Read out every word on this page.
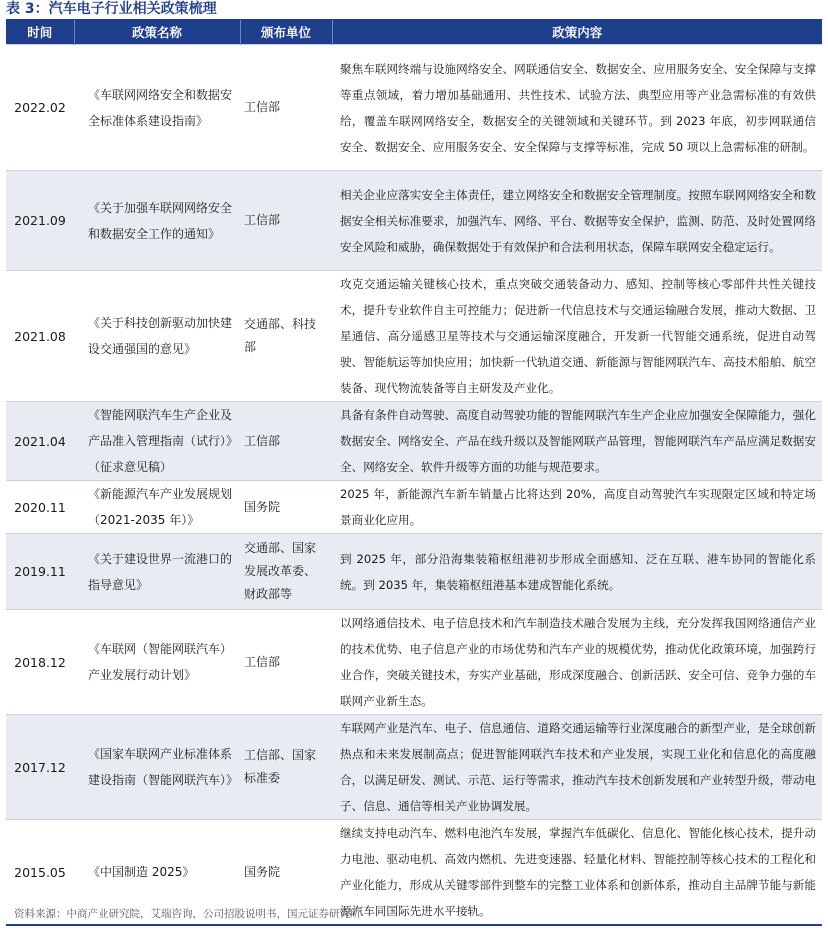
表 3：汽车电子行业相关政策梳理
时间	政策名称	颁布单位	政策内容
2022.02	《车联网网络安全和数据安全标准体系建设指南》	工信部	聚焦车联网终端与设施网络安全、网联通信安全、数据安全、应用服务安全、安全保障与支撑等重点领域，着力增加基础通用、共性技术、试验方法、典型应用等产业急需标准的有效供给，覆盖车联网网络安全，数据安全的关键领域和关键环节。到 2023 年底，初步网联通信安全、数据安全、应用服务安全、安全保障与支撑等标准，完成 50 项以上急需标准的研制。
2021.09	《关于加强车联网网络安全和数据安全工作的通知》	工信部	相关企业应落实安全主体责任，建立网络安全和数据安全管理制度。按照车联网网络安全和数据安全相关标准要求，加强汽车、网络、平台、数据等安全保护，监测、防范、及时处置网络安全风险和威胁，确保数据处于有效保护和合法利用状态，保障车联网安全稳定运行。
2021.08	《关于科技创新驱动加快建设交通强国的意见》	交通部、科技部	攻克交通运输关键核心技术，重点突破交通装备动力、感知、控制等核心零部件共性关键技术，提升专业软件自主可控能力；促进新一代信息技术与交通运输融合发展，推动大数据、卫星通信、高分遥感卫星等技术与交通运输深度融合，开发新一代智能交通系统，促进自动驾驶、智能航运等加快应用；加快新一代轨道交通、新能源与智能网联汽车、高技术船舶、航空装备、现代物流装备等自主研发及产业化。
2021.04	《智能网联汽车生产企业及产品准入管理指南（试行）》（征求意见稿）	工信部	具备有条件自动驾驶、高度自动驾驶功能的智能网联汽车生产企业应加强安全保障能力，强化数据安全、网络安全、产品在线升级以及智能网联产品管理，智能网联汽车产品应满足数据安全、网络安全、软件升级等方面的功能与规范要求。
2020.11	《新能源汽车产业发展规划（2021-2035 年）》	国务院	2025 年，新能源汽车新车销量占比将达到 20%，高度自动驾驶汽车实现限定区域和特定场景商业化应用。
2019.11	《关于建设世界一流港口的指导意见》	交通部、国家发展改革委、财政部等	到 2025 年，部分沿海集装箱枢纽港初步形成全面感知、泛在互联、港车协同的智能化系统。到 2035 年，集装箱枢纽港基本建成智能化系统。
2018.12	《车联网（智能网联汽车）产业发展行动计划》	工信部	以网络通信技术、电子信息技术和汽车制造技术融合发展为主线，充分发挥我国网络通信产业的技术优势、电子信息产业的市场优势和汽车产业的规模优势，推动优化政策环境，加强跨行业合作，突破关键技术，夯实产业基础，形成深度融合、创新活跃、安全可信、竞争力强的车联网产业新生态。
2017.12	《国家车联网产业标准体系建设指南（智能网联汽车）》	工信部、国家标准委	车联网产业是汽车、电子、信息通信、道路交通运输等行业深度融合的新型产业，是全球创新热点和未来发展制高点；促进智能网联汽车技术和产业发展，实现工业化和信息化的高度融合，以满足研发、测试、示范、运行等需求，推动汽车技术创新发展和产业转型升级，带动电子、信息、通信等相关产业协调发展。
2015.05	《中国制造 2025》	国务院	继续支持电动汽车、燃料电池汽车发展，掌握汽车低碳化、信息化、智能化核心技术，提升动力电池、驱动电机、高效内燃机、先进变速器、轻量化材料、智能控制等核心技术的工程化和产业化能力，形成从关键零部件到整车的完整工业体系和创新体系，推动自主品牌节能与新能源汽车同国际先进水平接轨。
资料来源：中商产业研究院，艾瑞咨询，公司招股说明书，国元证券研究所
